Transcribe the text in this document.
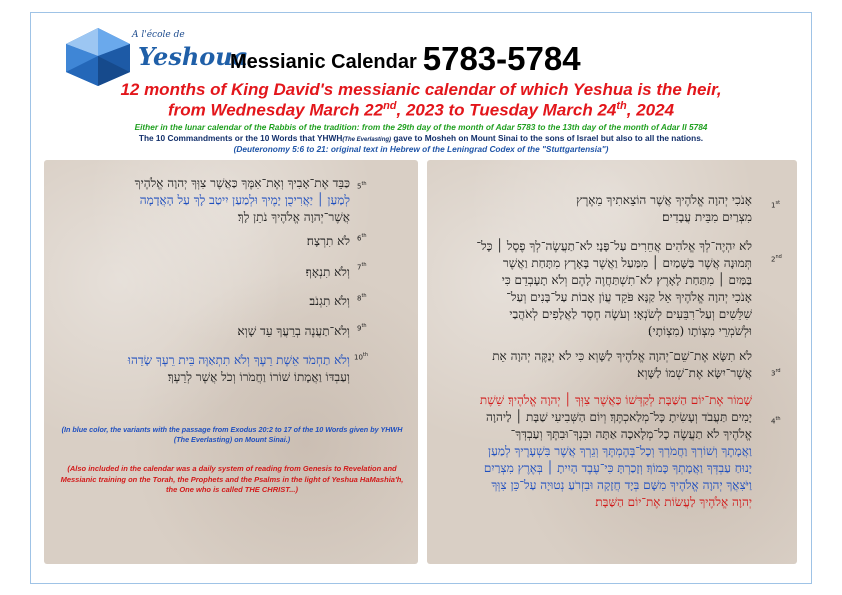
A l'école de
Yeshoua
Messianic Calendar 5783-5784
12 months of King David's messianic calendar of which Yeshua is the heir,
from Wednesday March 22nd, 2023 to Tuesday March 24th, 2024
Either in the lunar calendar of the Rabbis of the tradition: from the 29th day of the month of Adar 5783 to the 13th day of the month of Adar II 5784
The 10 Commandments or the 10 Words that YHWH(The Everlasting) gave to Mosheh on Mount Sinai to the sons of Israel but also to all the nations.
(Deuteronomy 5:6 to 21: original text in Hebrew of the Leningrad Codex of the "Stuttgartensia")
אָנֹכִי יְהוָה אֱלֹהֶיךָ אֲשֶׁר הוֹצֵאתִיךָ מֵאֶרֶץ
מִצְרַיִם מִבֵּית עֲבָדִים׃
1st
לֹא יִהְיֶה־לְךָ אֱלֹהִים אֲחֵרִים עַל־פָּנָי׃ לֹא־תַעֲשֶׂה־לְךָ פֶסֶל ׀ כָּל־
תְּמוּנָה אֲשֶׁר בַּשָּׁמַיִם ׀ מִמַּעַל וַאֲשֶׁר בָּאָרֶץ מִתָּחַת וַאֲשֶׁר
בַּמַּיִם ׀ מִתַּחַת לָאָרֶץ׃ לֹא־תִשְׁתַּחֲוֶה לָהֶם וְלֹא תָעָבְדֵם כִּי
אָנֹכִי יְהוָה אֱלֹהֶיךָ אֵל קַנָּא פֹּקֵד עֲוֹן אָבוֹת עַל־בָּנִים וְעַל־
שִׁלֵּשִׁים וְעַל־רִבֵּעִים לְשֹׂנְאָי׃ וְעֹשֶׂה חֶסֶד לַאֲלָפִים לְאֹהֲבַי
וּלְשֹׁמְרֵי מִצְוֹתָו (מִצְוֹתָי)׃
2nd
לֹא תִשָּׂא אֶת־שֵׁם־יְהוָה אֱלֹהֶיךָ לַשָּׁוְא כִּי לֹא יְנַקֶּה יְהוָה אֵת
אֲשֶׁר־יִשָּׂא אֶת־שְׁמוֹ לַשָּׁוְא׃	3rd
שָׁמוֹר אֶת־יוֹם הַשַּׁבָּת לְקַדְּשׁוֹ כַּאֲשֶׁר צִוְּךָ ׀ יְהוָה אֱלֹהֶיךָ׃ שֵׁשֶׁת
יָמִים תַּעֲבֹד וְעָשִׂיתָ כָּל־מְלַאכְתֶּךָ׃ וְיוֹם הַשְּׁבִיעִי שַׁבָּת ׀ לַיהוָה
אֱלֹהֶיךָ לֹא תַעֲשֶׂה כָל־מְלָאכָה אַתָּה וּבִנְךָ־וּבִתֶּךָ וְעַבְדְּךָ־
וַאֲמָתֶךָ וְשׁוֹרְךָ וַחֲמֹרְךָ וְכָל־בְּהֶמְתֶּךָ וְגֵרְךָ אֲשֶׁר בִּשְׁעָרֶיךָ לְמַעַן
יָנוּחַ עַבְדְּךָ וַאֲמָתְךָ כָּמוֹךָ׃ וְזָכַרְתָּ כִּי־עֶבֶד הָיִיתָ ׀ בְּאֶרֶץ מִצְרַיִם
וַיֹּצִאֲךָ יְהוָה אֱלֹהֶיךָ מִשָּׁם בְּיָד חֲזָקָה וּבִזְרֹעַ נְטוּיָה עַל־כֵּן צִוְּךָ
יְהוָה אֱלֹהֶיךָ לַעֲשׂוֹת אֶת־יוֹם הַשַּׁבָּת׃
4th
כַּבֵּד אֶת־אָבִיךָ וְאֶת־אִמֶּךָ כַּאֲשֶׁר צִוְּךָ יְהוָה אֱלֹהֶיךָ
לְמַעַן ׀ יַאֲרִיכֻן יָמֶיךָ וּלְמַעַן יִיטַב לָךְ עַל הָאֲדָמָה
אֲשֶׁר־יְהוָה אֱלֹהֶיךָ נֹתֵן לָךְ׃
5th
לֹא תִרְצָח׃ 6th
וְלֹא תִנְאָף׃ 7th
וְלֹא תִגְנֹב׃ 8th
וְלֹא־תַעֲנֶה בְרֵעֲךָ עֵד שָׁוְא׃ 9th
וְלֹא תַחְמֹד אֵשֶׁת רֵעֶךָ וְלֹא תִתְאַוֶּה בֵּית רֵעֶךָ שָׂדֵהוּ
וְעַבְדּוֹ וַאֲמָתוֹ שׁוֹרוֹ וַחֲמֹרוֹ וְכֹל אֲשֶׁר לְרֵעֶךָ׃
10th
(In blue color, the variants with the passage from Exodus 20:2 to 17 of the 10 Words given by YHWH (The Everlasting) on Mount Sinai.)
(Also included in the calendar was a daily system of reading from Genesis to Revelation and Messianic training on the Torah, the Prophets and the Psalms in the light of Yeshua HaMashia'h, the One who is called THE CHRIST...)
